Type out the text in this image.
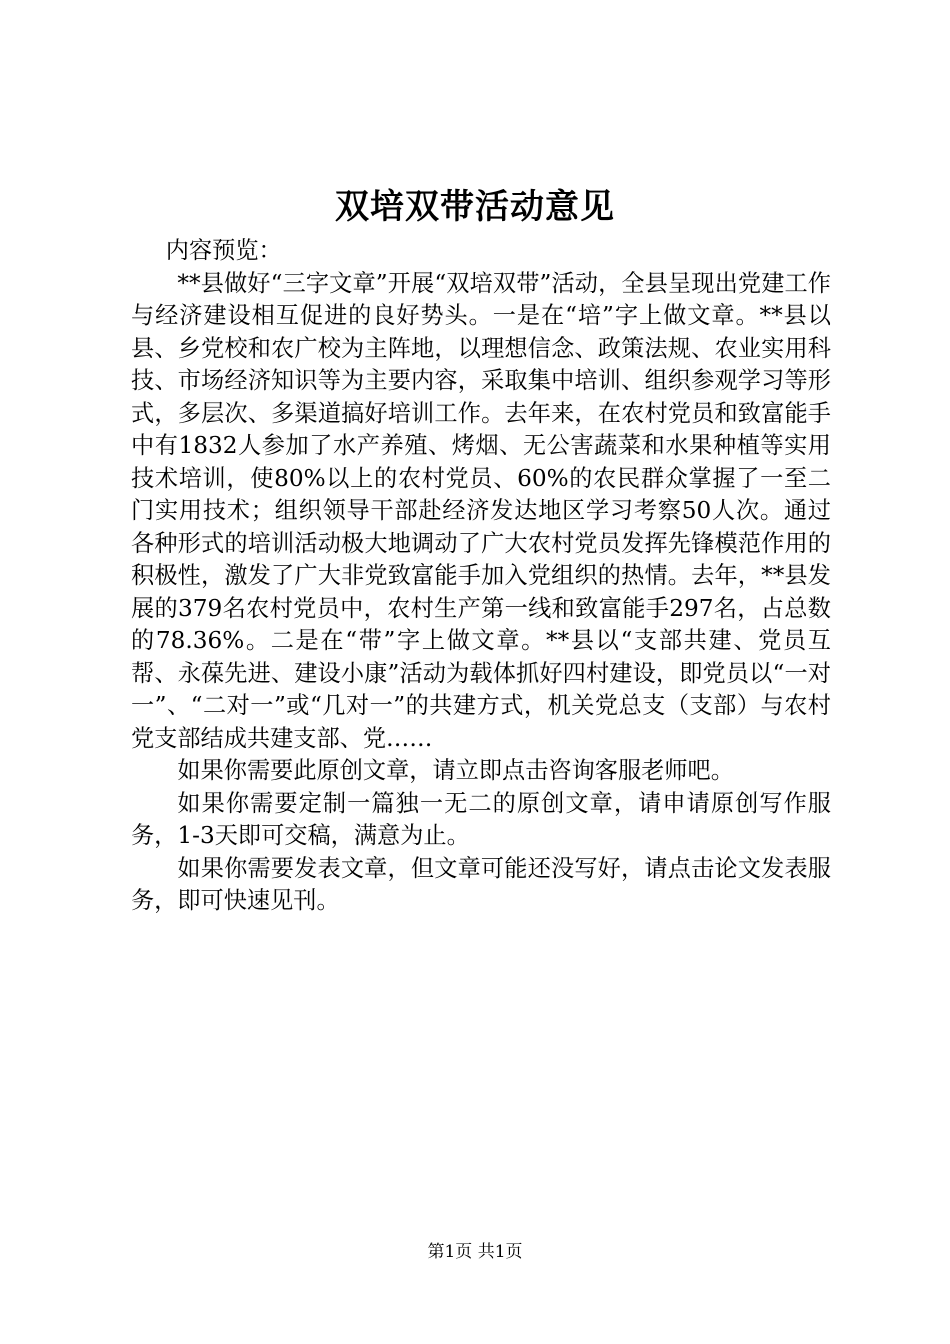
双培双带活动意见

内容预览：

**县做好“三字文章”开展“双培双带”活动，全县呈现出党建工作与经济建设相互促进的良好势头。一是在“培”字上做文章。**县以县、乡党校和农广校为主阵地，以理想信念、政策法规、农业实用科技、市场经济知识等为主要内容，采取集中培训、组织参观学习等形式，多层次、多渠道搞好培训工作。去年来，在农村党员和致富能手中有1832人参加了水产养殖、烤烟、无公害蔬菜和水果种植等实用技术培训，使80%以上的农村党员、60%的农民群众掌握了一至二门实用技术；组织领导干部赴经济发达地区学习考察50人次。通过各种形式的培训活动极大地调动了广大农村党员发挥先锋模范作用的积极性，激发了广大非党致富能手加入党组织的热情。去年，**县发展的379名农村党员中，农村生产第一线和致富能手297名，占总数的78.36%。二是在“带”字上做文章。**县以“支部共建、党员互帮、永葆先进、建设小康”活动为载体抓好四村建设，即党员以“一对一”、“二对一”或“几对一”的共建方式，机关党总支（支部）与农村党支部结成共建支部、党……

如果你需要此原创文章，请立即点击咨询客服老师吧。

如果你需要定制一篇独一无二的原创文章，请申请原创写作服务，1-3天即可交稿，满意为止。

如果你需要发表文章，但文章可能还没写好，请点击论文发表服务，即可快速见刊。

第1页 共1页
